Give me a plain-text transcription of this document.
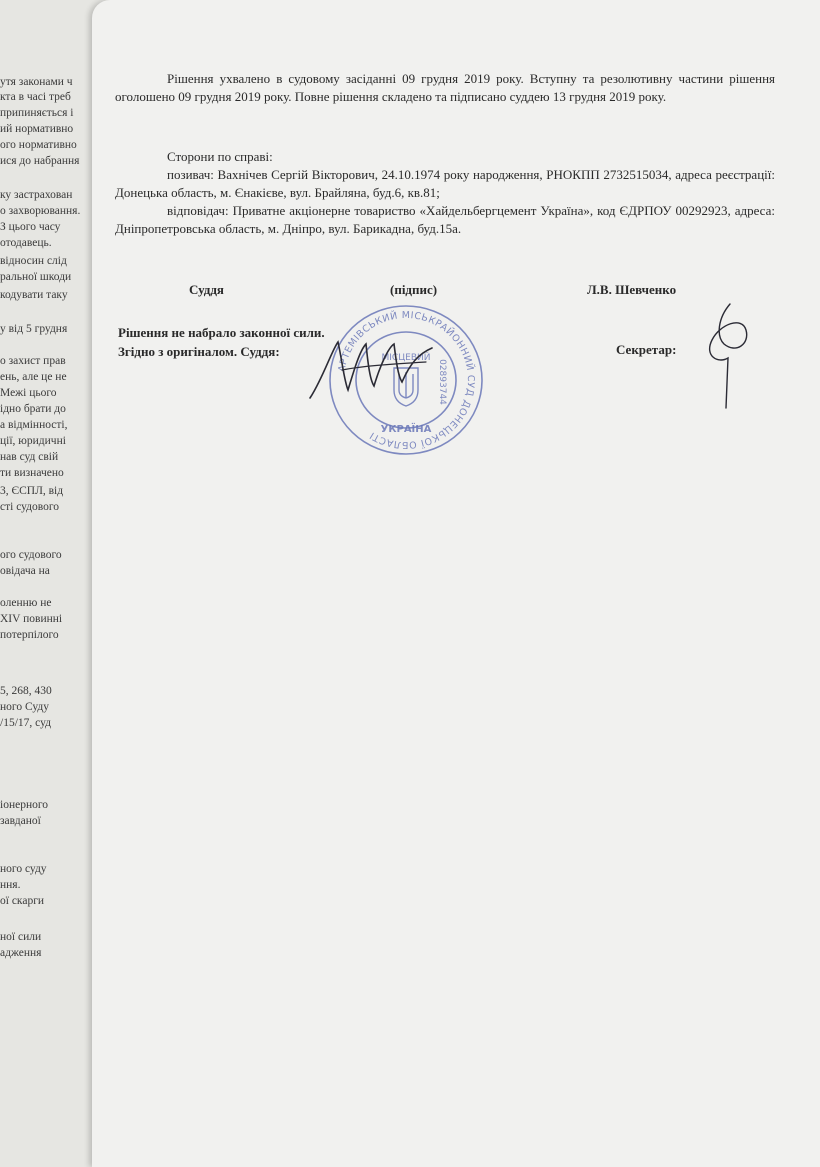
утя законами ч
кта в часі треб
припиняється і
ий нормативно
ого нормативно
ися до набрання
ку застрахован
о захворювання.
З цього часу
отодавець.
відносин слід
ральної шкоди
кодувати таку
у від 5 грудня
о захист прав
ень, але це не
Межі цього
ідно брати до
а відмінності,
ції, юридичні
нав суд свій
ти визначено
3, ЄСПЛ, від
сті судового
ого судового
овідача на
оленню не
XIV повинні
потерпілого
5, 268, 430
ного Суду
/15/17, суд
іонерного
завданої
ного суду
ння.
ої скарги
ної сили
адження

Рішення ухвалено в судовому засіданні 09 грудня 2019 року. Вступну та резолютивну частини рішення оголошено 09 грудня 2019 року. Повне рішення складено та підписано суддею 13 грудня 2019 року.

Сторони по справі:

позивач: Вахнічев Сергій Вікторович, 24.10.1974 року народження, РНОКПП 2732515034, адреса реєстрації: Донецька область, м. Єнакієве, вул. Брайляна, буд.6, кв.81;

відповідач: Приватне акціонерне товариство «Хайдельбергцемент Україна», код ЄДРПОУ 00292923, адреса: Дніпропетровська область, м. Дніпро, вул. Барикадна, буд.15а.

Суддя	(підпис)	Л.В. Шевченко
Рішення не набрало законної сили.
Згідно з оригіналом. Суддя:	Секретар:
АРТЕМІВСЬКИЙ МІСЬКРАЙОННИЙ СУД ДОНЕЦЬКОЇ ОБЛАСТІ
МІСЦЕВИЙ
02893744
УКРАЇНА
